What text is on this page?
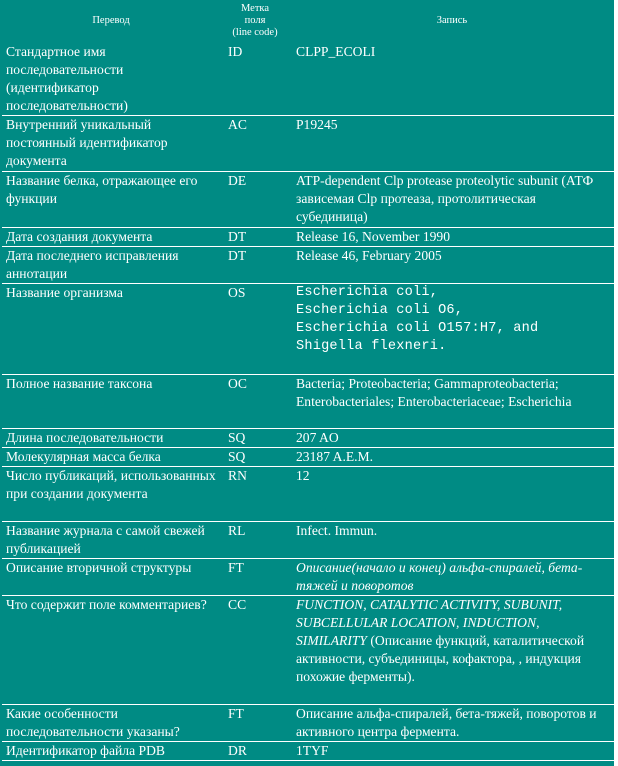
Перевод	Метка
поля
(line code)	Запись
Стандартное имя последовательности (идентификатор последовательности)	ID	CLPP_ECOLI
Внутренний уникальный постоянный идентификатор документа	AC	P19245
Название белка, отражающее его функции	DE	ATP-dependent Clp protease proteolytic subunit (АТФ зависемая Clp протеаза, протолитическая субединица)
Дата создания документа	DT	Release 16, November 1990
Дата последнего исправления аннотации	DT	Release 46, February 2005
Название организма	OS	Escherichia coli,
Escherichia coli O6,
Escherichia coli O157:H7, and
Shigella flexneri.

Полное название таксона	OC	Bacteria; Proteobacteria; Gammaproteobacteria; Enterobacteriales; Enterobacteriaceae; Escherichia
Длина последовательности	SQ	207 AO
Молекулярная масса белка	SQ	23187 A.E.M.
Число публикаций, использованных при создании документа	RN	12
Название журнала с самой свежей публикацией	RL	Infect. Immun.
Описание вторичной структуры	FT	Описание(начало и конец) альфа-спиралей, бета-тяжей и поворотов
Что содержит поле комментариев?	CC	FUNCTION, CATALYTIC ACTIVITY, SUBUNIT, SUBCELLULAR LOCATION, INDUCTION, SIMILARITY (Описание функций, каталитической активности, субъединицы, кофактора, , индукция похожие ферменты).
Какие особенности последовательности указаны?	FT	Описание альфа-спиралей, бета-тяжей, поворотов и активного центра фермента.
Идентификатор файла PDB	DR	1TYF
